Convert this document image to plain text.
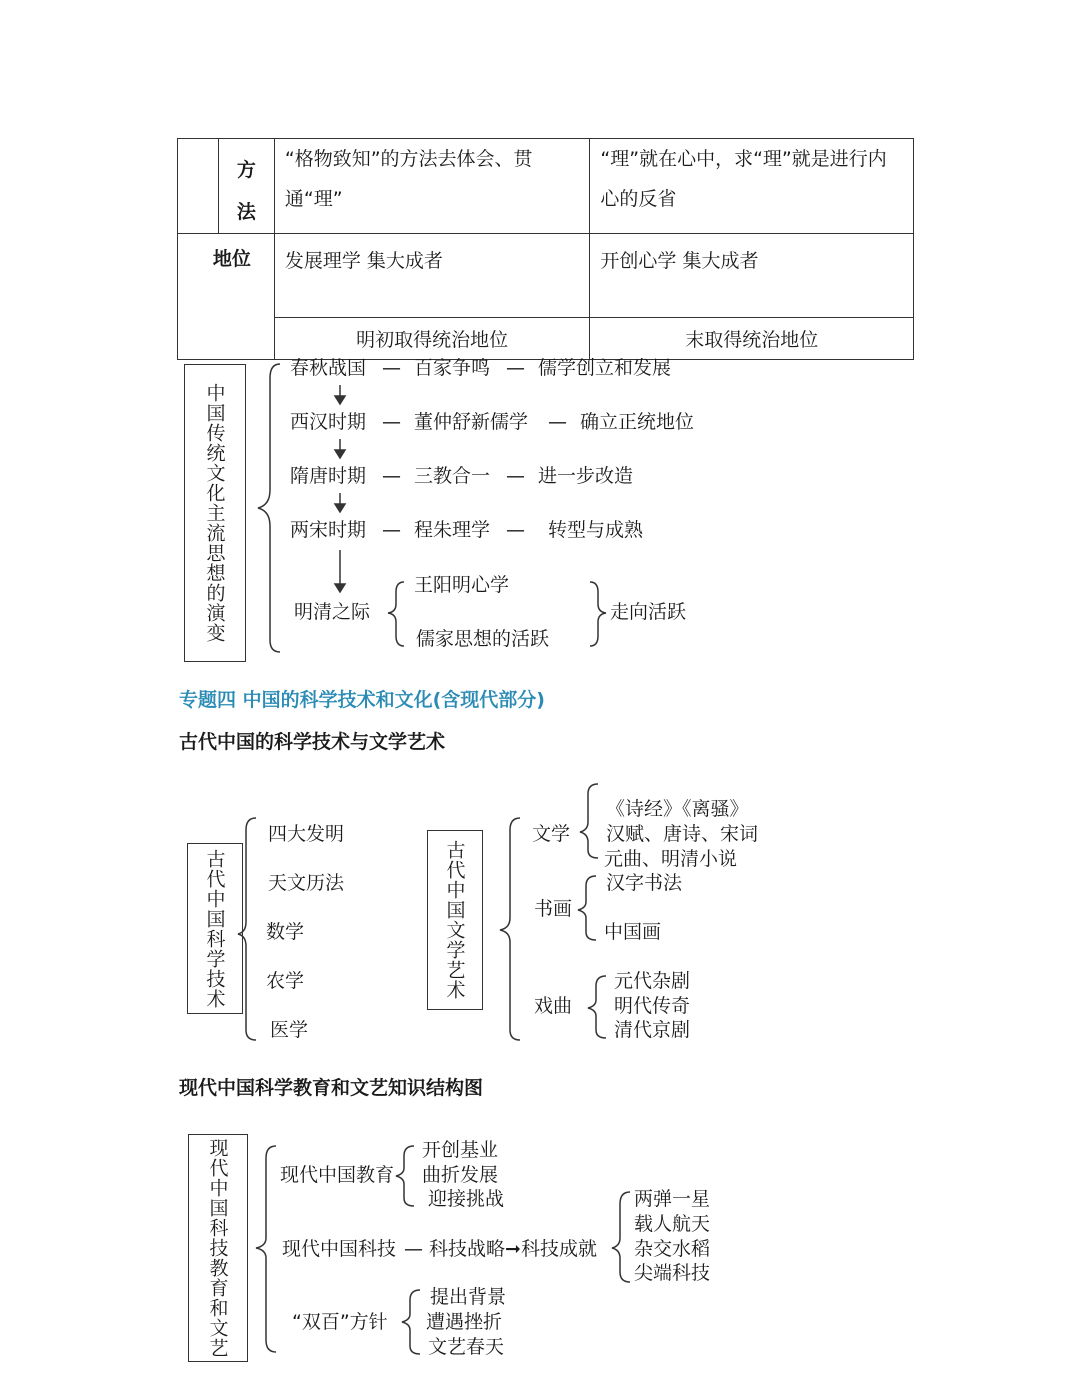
	方
法	“格物致知”的方法去体会、贯通“理”	“理”就在心中，求“理”就是进行内心的反省

地位		发展理学 集大成者	开创心学 集大成者

		明初取得统治地位	末取得统治地位
中国传统文化主流思想的演变
春秋战国 — 百家争鸣 — 儒学创立和发展
西汉时期 — 董仲舒新儒学 — 确立正统地位
隋唐时期 — 三教合一 — 进一步改造
两宋时期 — 程朱理学 — 转型与成熟
明清之际
王阳明心学
儒家思想的活跃
走向活跃
专题四 中国的科学技术和文化(含现代部分)
古代中国的科学技术与文学艺术
古代中国科学技术
四大发明
天文历法
数学
农学
医学
古代中国文学艺术
文学
《诗经》《离骚》
汉赋、唐诗、宋词
元曲、明清小说
书画
汉字书法
中国画
戏曲
元代杂剧
明代传奇
清代京剧
现代中国科学教育和文艺知识结构图
现代中国科技教育和文艺	现代中国教育
开创基业
曲折发展
迎接挑战
现代中国科技 — 科技战略➞科技成就
两弹一星
载人航天
杂交水稻
尖端科技
“双百”方针
提出背景
遭遇挫折
文艺春天
